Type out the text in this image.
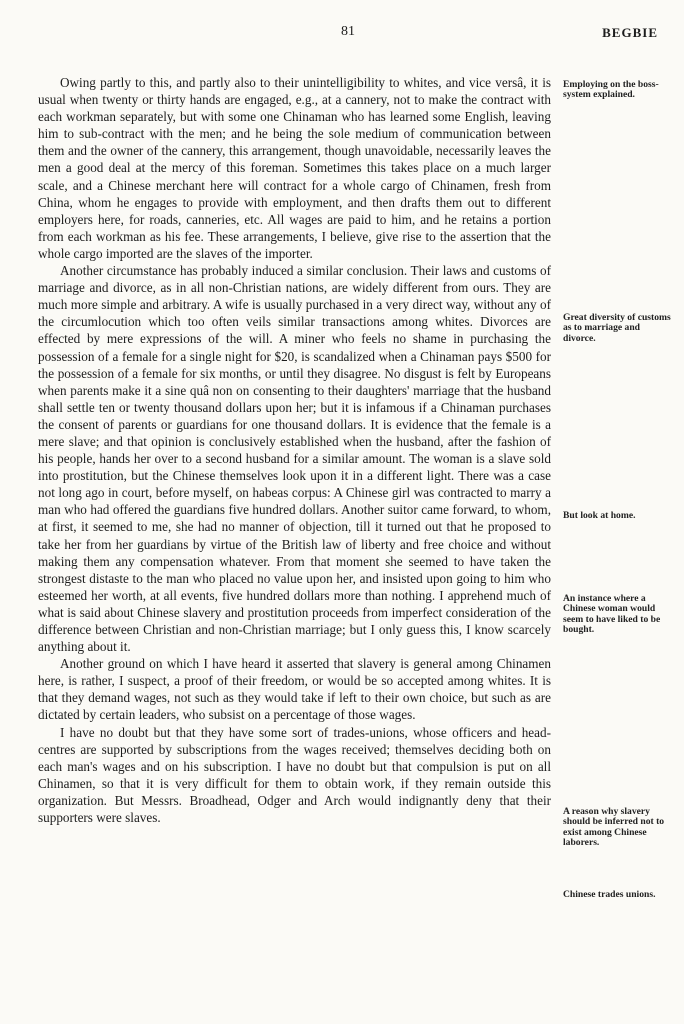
81	BEGBIE

Owing partly to this, and partly also to their unintelligibility to whites, and vice versâ, it is usual when twenty or thirty hands are engaged, e.g., at a cannery, not to make the contract with each workman separately, but with some one Chinaman who has learned some English, leaving him to sub-contract with the men; and he being the sole medium of communication between them and the owner of the cannery, this arrangement, though unavoidable, necessarily leaves the men a good deal at the mercy of this foreman. Sometimes this takes place on a much larger scale, and a Chinese merchant here will contract for a whole cargo of Chinamen, fresh from China, whom he engages to provide with employment, and then drafts them out to different employers here, for roads, canneries, etc. All wages are paid to him, and he retains a portion from each workman as his fee. These arrangements, I believe, give rise to the assertion that the whole cargo imported are the slaves of the importer.

Another circumstance has probably induced a similar conclusion. Their laws and customs of marriage and divorce, as in all non-Christian nations, are widely different from ours. They are much more simple and arbitrary. A wife is usually purchased in a very direct way, without any of the circumlocution which too often veils similar transactions among whites. Divorces are effected by mere expressions of the will. A miner who feels no shame in purchasing the possession of a female for a single night for $20, is scandalized when a Chinaman pays $500 for the possession of a female for six months, or until they disagree. No disgust is felt by Europeans when parents make it a sine quâ non on consenting to their daughters' marriage that the husband shall settle ten or twenty thousand dollars upon her; but it is infamous if a Chinaman purchases the consent of parents or guardians for one thousand dollars. It is evidence that the female is a mere slave; and that opinion is conclusively established when the husband, after the fashion of his people, hands her over to a second husband for a similar amount. The woman is a slave sold into prostitution, but the Chinese themselves look upon it in a different light. There was a case not long ago in court, before myself, on habeas corpus: A Chinese girl was contracted to marry a man who had offered the guardians five hundred dollars. Another suitor came forward, to whom, at first, it seemed to me, she had no manner of objection, till it turned out that he proposed to take her from her guardians by virtue of the British law of liberty and free choice and without making them any compensation whatever. From that moment she seemed to have taken the strongest distaste to the man who placed no value upon her, and insisted upon going to him who esteemed her worth, at all events, five hundred dollars more than nothing. I apprehend much of what is said about Chinese slavery and prostitution proceeds from imperfect consideration of the difference between Christian and non-Christian marriage; but I only guess this, I know scarcely anything about it.

Another ground on which I have heard it asserted that slavery is general among Chinamen here, is rather, I suspect, a proof of their freedom, or would be so accepted among whites. It is that they demand wages, not such as they would take if left to their own choice, but such as are dictated by certain leaders, who subsist on a percentage of those wages.

I have no doubt but that they have some sort of trades-unions, whose officers and head-centres are supported by subscriptions from the wages received; themselves deciding both on each man's wages and on his subscription. I have no doubt but that compulsion is put on all Chinamen, so that it is very difficult for them to obtain work, if they remain outside this organization. But Messrs. Broadhead, Odger and Arch would indignantly deny that their supporters were slaves.

Employing on the boss-system explained.
Great diversity of customs as to marriage and divorce.
But look at home.
An instance where a Chinese woman would seem to have liked to be bought.
A reason why slavery should be inferred not to exist among Chinese laborers.
Chinese trades unions.
